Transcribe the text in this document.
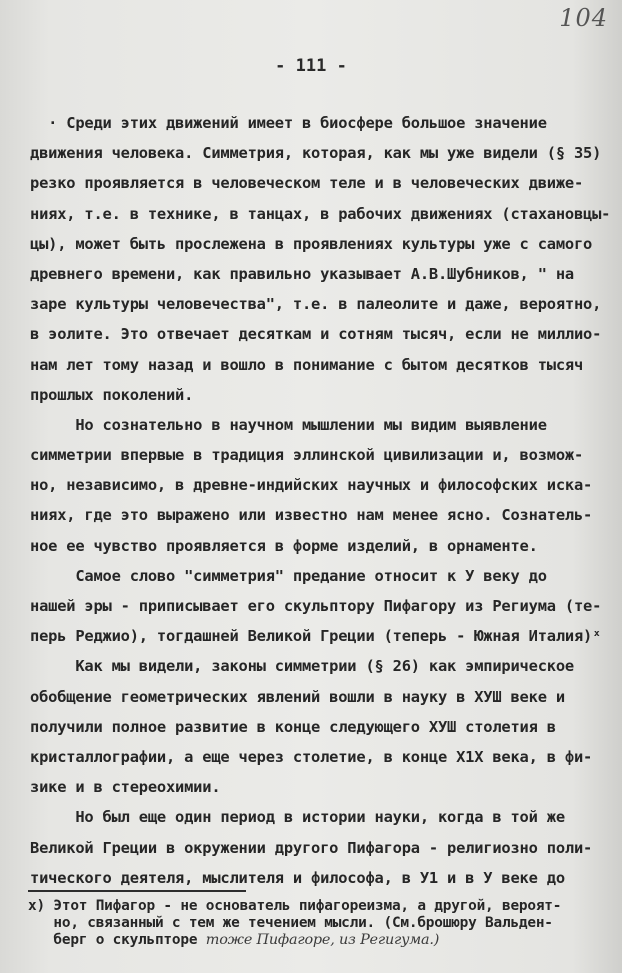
104
- 111 -
· Среди этих движений имеет в биосфере большое значение
движения человека. Симметрия, которая, как мы уже видели (§ 35)
резко проявляется в человеческом теле и в человеческих движе-
ниях, т.е. в технике, в танцах, в рабочих движениях (стахановцы-
цы), может быть прослежена в проявлениях культуры уже с самого
древнего времени, как правильно указывает А.В.Шубников, " на
заре культуры человечества", т.е. в палеолите и даже, вероятно,
в эолите. Это отвечает десяткам и сотням тысяч, если не миллио-
нам лет тому назад и вошло в понимание с бытом десятков тысяч
прошлых поколений.
Но сознательно в научном мышлении мы видим выявление
симметрии впервые в традиция эллинской цивилизации и, возмож-
но, независимо, в древне-индийских научных и философских иска-
ниях, где это выражено или известно нам менее ясно. Сознатель-
ное ее чувство проявляется в форме изделий, в орнаменте.
Самое слово "симметрия" предание относит к У веку до
нашей эры - приписывает его скульптору Пифагору из Региума (те-
перь Реджио), тогдашней Великой Греции (теперь - Южная Италия)ˣ
Как мы видели, законы симметрии (§ 26) как эмпирическое
обобщение геометрических явлений вошли в науку в ХУШ веке и
получили полное развитие в конце следующего ХУШ столетия в
кристаллографии, а еще через столетие, в конце Х1Х века, в фи-
зике и в стереохимии.
Но был еще один период в истории науки, когда в той же
Великой Греции в окружении другого Пифагора - религиозно поли-
тического деятеля, мыслителя и философа, в У1 и в У веке до
х) Этот Пифагор - не основатель пифагореизма, а другой, вероят-
но, связанный с тем же течением мысли. (См.брошюру Вальден-
берг о скульпторе тоже Пифагоре, из Регигума.)
